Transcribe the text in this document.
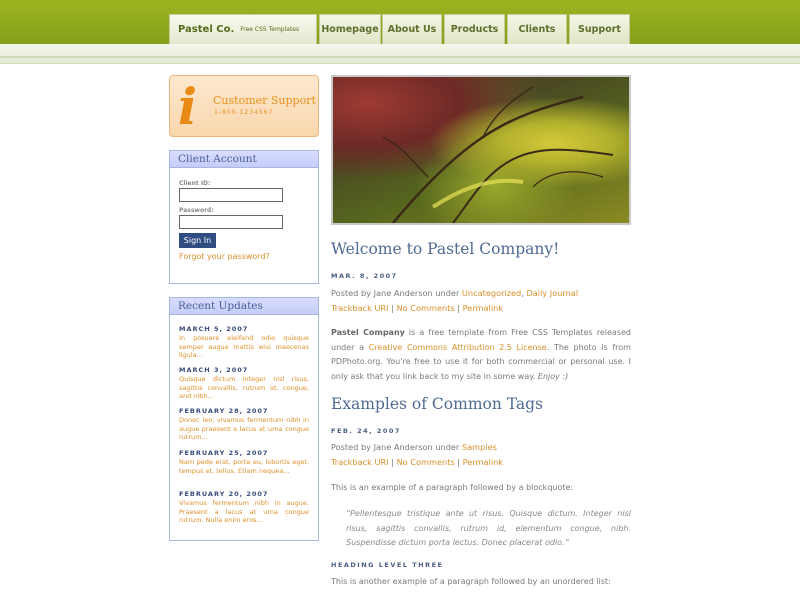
Pastel Co. Free CSS Templates Homepage About Us	Products	Clients	Support
i Customer Support
1-800-1234567
Client Account
Client ID:
Password:
Sign In
Forgot your password?
Recent Updates
MARCH 5, 2007
In posuere eleifend odio quisque semper augue mattis wisi maecenas ligula...
MARCH 3, 2007
Quisque dictum integer nisl risus, sagittis convallis, rutrum id, congue, and nibh...
FEBRUARY 28, 2007
Donec leo, vivamus fermentum nibh in augue praesent a lacus at urna congue rutrum...
FEBRUARY 25, 2007
Nam pede erat, porta eu, lobortis eget, tempus et, tellus. Etiam nequea...
FEBRUARY 20, 2007
Vivamus fermentum nibh in augue. Praesent a lacus at urna congue rutrum. Nulla enim eros...
Welcome to Pastel Company!
MAR. 8, 2007
Posted by Jane Anderson under Uncategorized, Daily Journal
Trackback URI | No Comments | Permalink
Pastel Company is a free template from Free CSS Templates released under a Creative Commons Attribution 2.5 License. The photo is from PDPhoto.org. You're free to use it for both commercial or personal use. I only ask that you link back to my site in some way. Enjoy :)
Examples of Common Tags
FEB. 24, 2007
Posted by Jane Anderson under Samples
Trackback URI | No Comments | Permalink
This is an example of a paragraph followed by a blockquote:
“Pellentesque tristique ante ut risus. Quisque dictum. Integer nisl risus, sagittis convallis, rutrum id, elementum congue, nibh. Suspendisse dictum porta lectus. Donec placerat odio.”
HEADING LEVEL THREE
This is another example of a paragraph followed by an unordered list:
